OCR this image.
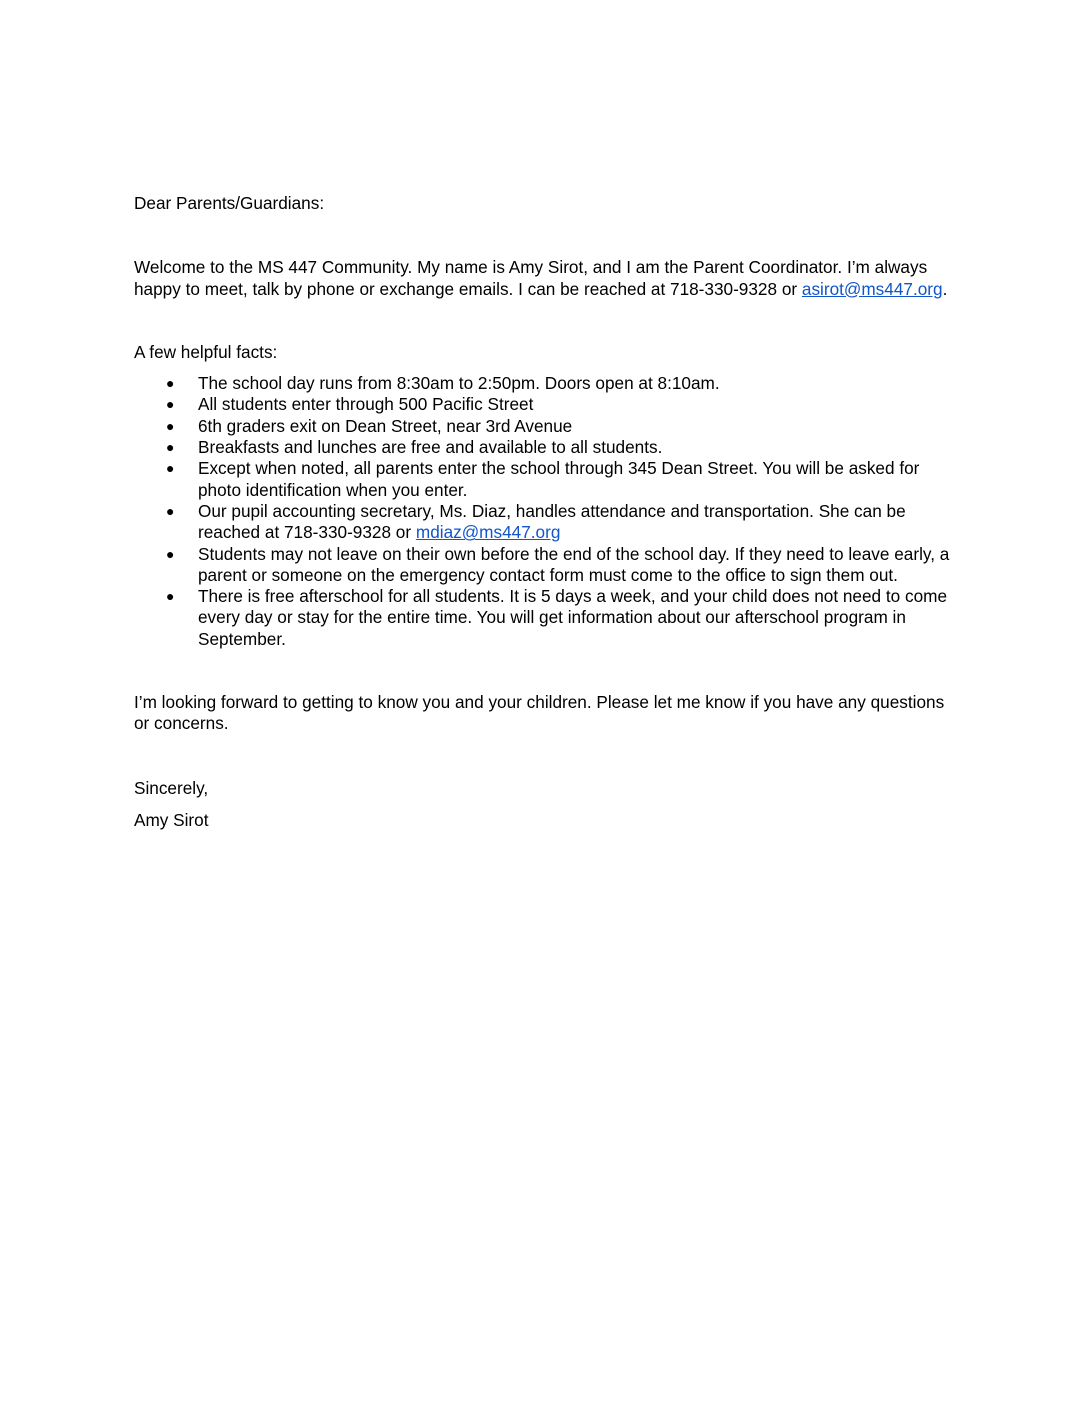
Dear Parents/Guardians:

Welcome to the MS 447 Community. My name is Amy Sirot, and I am the Parent Coordinator. I’m always happy to meet, talk by phone or exchange emails. I can be reached at 718-330-9328 or asirot@ms447.org.

A few helpful facts:

● The school day runs from 8:30am to 2:50pm. Doors open at 8:10am.
● All students enter through 500 Pacific Street
● 6th graders exit on Dean Street, near 3rd Avenue
● Breakfasts and lunches are free and available to all students.
● Except when noted, all parents enter the school through 345 Dean Street. You will be asked for photo identification when you enter.
● Our pupil accounting secretary, Ms. Diaz, handles attendance and transportation. She can be reached at 718-330-9328 or mdiaz@ms447.org
● Students may not leave on their own before the end of the school day. If they need to leave early, a parent or someone on the emergency contact form must come to the office to sign them out.
● There is free afterschool for all students. It is 5 days a week, and your child does not need to come every day or stay for the entire time. You will get information about our afterschool program in September.

I’m looking forward to getting to know you and your children. Please let me know if you have any questions or concerns.

Sincerely,

Amy Sirot
